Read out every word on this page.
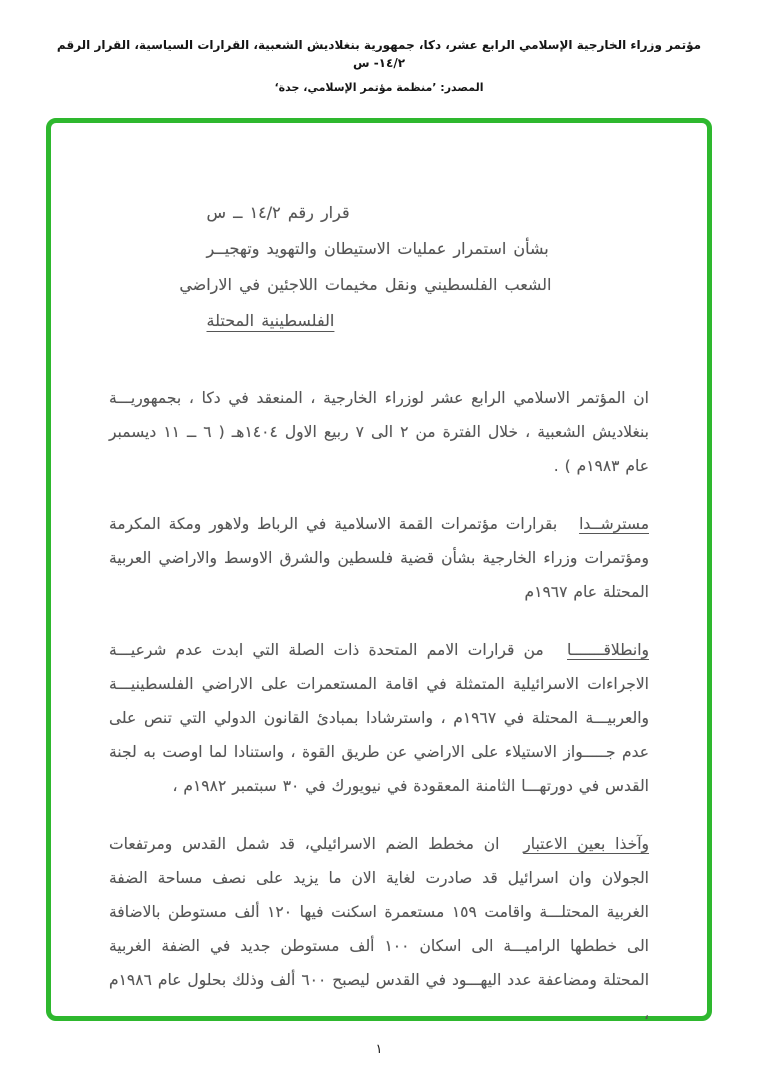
مؤتمر وزراء الخارجية الإسلامي الرابع عشر، دكا، جمهورية بنغلاديش الشعبية، القرارات السياسية، القرار الرقم ١٤/٢- س
المصدر: ’منظمة مؤتمر الإسلامي، جدة‘
قرار رقم ١٤/٢ ــ س
بشأن استمرار عمليات الاستيطان والتهويد وتهجيــر
الشعب الفلسطيني ونقل مخيمات اللاجئين في الاراضي
الفلسطينية المحتلة

ان المؤتمر الاسلامي الرابع عشر لوزراء الخارجية ، المنعقد في دكا ، بجمهوريـــة بنغلاديش الشعبية ، خلال الفترة من ٢ الى ٧ ربيع الاول ١٤٠٤هـ ( ٦ ــ ١١ ديسمبر عام ١٩٨٣م ) .

مسترشــدا بقرارات مؤتمرات القمة الاسلامية في الرباط ولاهور ومكة المكرمة ومؤتمرات وزراء الخارجية بشأن قضية فلسطين والشرق الاوسط والاراضي العربية المحتلة عام ١٩٦٧م

وانطلاقـــــــا من قرارات الامم المتحدة ذات الصلة التي ابدت عدم شرعيـــة الاجراءات الاسرائيلية المتمثلة في اقامة المستعمرات على الاراضي الفلسطينيـــة والعربيـــة المحتلة في ١٩٦٧م ، واسترشادا بمبادئ القانون الدولي التي تنص على عدم جـــــواز الاستيلاء على الاراضي عن طريق القوة ، واستنادا لما اوصت به لجنة القدس في دورتهـــا الثامنة المعقودة في نيويورك في ٣٠ سبتمبر ١٩٨٢م ،

وآخذا بعين الاعتبار ان مخطط الضم الاسرائيلي، قد شمل القدس ومرتفعات الجولان وان اسرائيل قد صادرت لغاية الان ما يزيد على نصف مساحة الضفة الغربية المحتلـــة واقامت ١٥٩ مستعمرة اسكنت فيها ١٢٠ ألف مستوطن بالاضافة الى خططها الراميـــة الى اسكان ١٠٠ ألف مستوطن جديد في الضفة الغربية المحتلة ومضاعفة عدد اليهـــود في القدس ليصبح ٦٠٠ ألف وذلك بحلول عام ١٩٨٦م ،

١
